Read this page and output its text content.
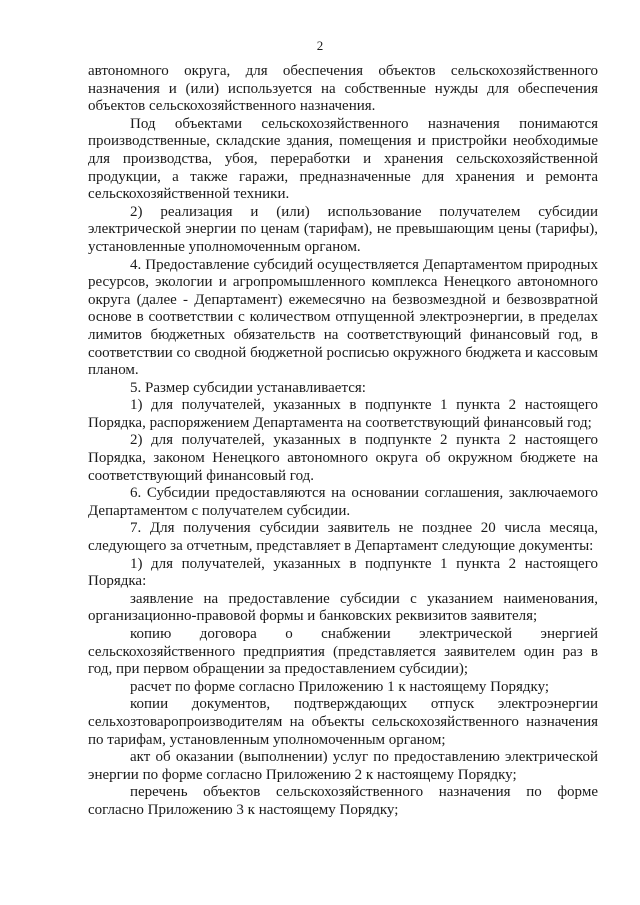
2

автономного округа, для обеспечения объектов сельскохозяйственного назначения и (или) используется на собственные нужды для обеспечения объектов сельскохозяйственного назначения.

Под объектами сельскохозяйственного назначения понимаются производственные, складские здания, помещения и пристройки необходимые для производства, убоя, переработки и хранения сельскохозяйственной продукции, а также гаражи, предназначенные для хранения и ремонта сельскохозяйственной техники.

2) реализация и (или) использование получателем субсидии электрической энергии по ценам (тарифам), не превышающим цены (тарифы), установленные уполномоченным органом.

4. Предоставление субсидий осуществляется Департаментом природных ресурсов, экологии и агропромышленного комплекса Ненецкого автономного округа (далее - Департамент) ежемесячно на безвозмездной и безвозвратной основе в соответствии с количеством отпущенной электроэнергии, в пределах лимитов бюджетных обязательств на соответствующий финансовый год, в соответствии со сводной бюджетной росписью окружного бюджета и кассовым планом.

5. Размер субсидии устанавливается:

1) для получателей, указанных в подпункте 1 пункта 2 настоящего Порядка, распоряжением Департамента на соответствующий финансовый год;

2) для получателей, указанных в подпункте 2 пункта 2 настоящего Порядка, законом Ненецкого автономного округа об окружном бюджете на соответствующий финансовый год.

6. Субсидии предоставляются на основании соглашения, заключаемого Департаментом с получателем субсидии.

7. Для получения субсидии заявитель не позднее 20 числа месяца, следующего за отчетным, представляет в Департамент следующие документы:

1) для получателей, указанных в подпункте 1 пункта 2 настоящего Порядка:

заявление на предоставление субсидии с указанием наименования, организационно-правовой формы и банковских реквизитов заявителя;

копию договора о снабжении электрической энергией сельскохозяйственного предприятия (представляется заявителем один раз в год, при первом обращении за предоставлением субсидии);

расчет по форме согласно Приложению 1 к настоящему Порядку;

копии документов, подтверждающих отпуск электроэнергии сельхозтоваропроизводителям на объекты сельскохозяйственного назначения по тарифам, установленным уполномоченным органом;

акт об оказании (выполнении) услуг по предоставлению электрической энергии по форме согласно Приложению 2 к настоящему Порядку;

перечень объектов сельскохозяйственного назначения по форме согласно Приложению 3 к настоящему Порядку;
